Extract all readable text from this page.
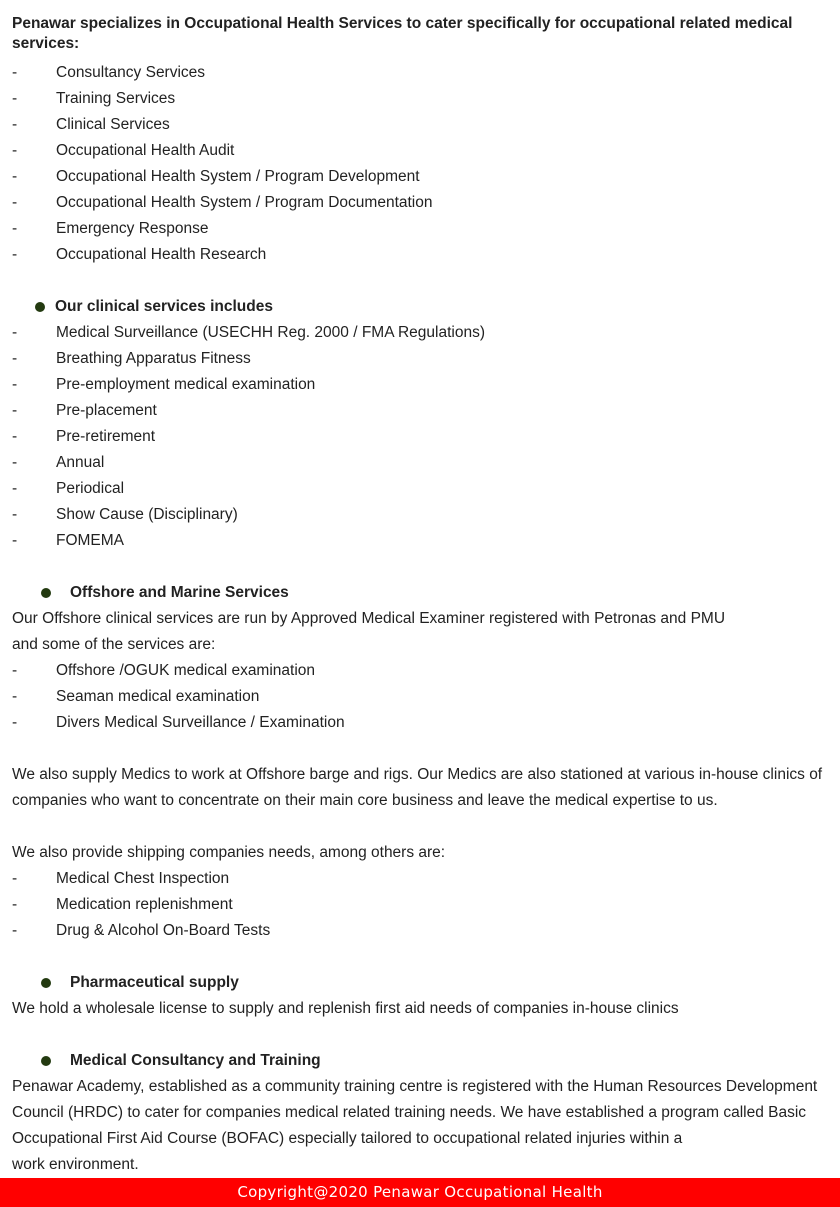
Penawar specializes in Occupational Health Services to cater specifically for occupational related medical services:

- Consultancy Services
- Training Services
- Clinical Services
- Occupational Health Audit
- Occupational Health System / Program Development
- Occupational Health System / Program Documentation
- Emergency Response
- Occupational Health Research
Our clinical services includes
- Medical Surveillance (USECHH Reg. 2000 / FMA Regulations)
- Breathing Apparatus Fitness
- Pre-employment medical examination
- Pre-placement
- Pre-retirement
- Annual
- Periodical
- Show Cause (Disciplinary)
- FOMEMA
Offshore and Marine Services

Our Offshore clinical services are run by Approved Medical Examiner registered with Petronas and PMU

and some of the services are:

- Offshore /OGUK medical examination
- Seaman medical examination
- Divers Medical Surveillance / Examination

We also supply Medics to work at Offshore barge and rigs. Our Medics are also stationed at various in-house clinics of companies who want to concentrate on their main core business and leave the medical expertise to us.

We also provide shipping companies needs, among others are:

- Medical Chest Inspection
- Medication replenishment
- Drug & Alcohol On-Board Tests
Pharmaceutical supply

We hold a wholesale license to supply and replenish first aid needs of companies in-house clinics

Medical Consultancy and Training

Penawar Academy, established as a community training centre is registered with the Human Resources Development Council (HRDC) to cater for companies medical related training needs. We have established a program called Basic Occupational First Aid Course (BOFAC) especially tailored to occupational related injuries within a

work environment.

Copyright@2020 Penawar Occupational Health
